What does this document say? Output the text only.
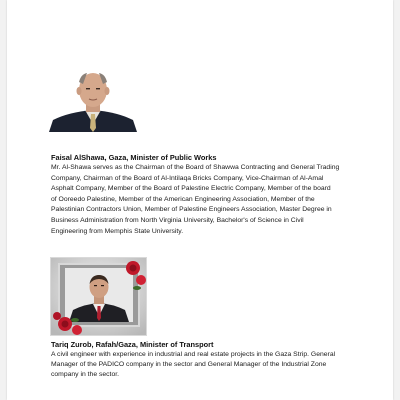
Faisal AlShawa, Gaza, Minister of Public Works
Mr. Al-Shawa serves as the Chairman of the Board of Shawwa Contracting and General Trading
Company, Chairman of the Board of Al-Intilaqa Bricks Company, Vice-Chairman of Al-Amal
Asphalt Company, Member of the Board of Palestine Electric Company, Member of the board
of Ooreedo Palestine, Member of the American Engineering Association, Member of the
Palestinian Contractors Union, Member of Palestine Engineers Association, Master Degree in
Business Administration from North Virginia University, Bachelor's of Science in Civil
Engineering from Memphis State University.
Tariq Zurob, Rafah/Gaza, Minister of Transport
A civil engineer with experience in industrial and real estate projects in the Gaza Strip. General
Manager of the PADICO company in the sector and General Manager of the Industrial Zone
company in the sector.
